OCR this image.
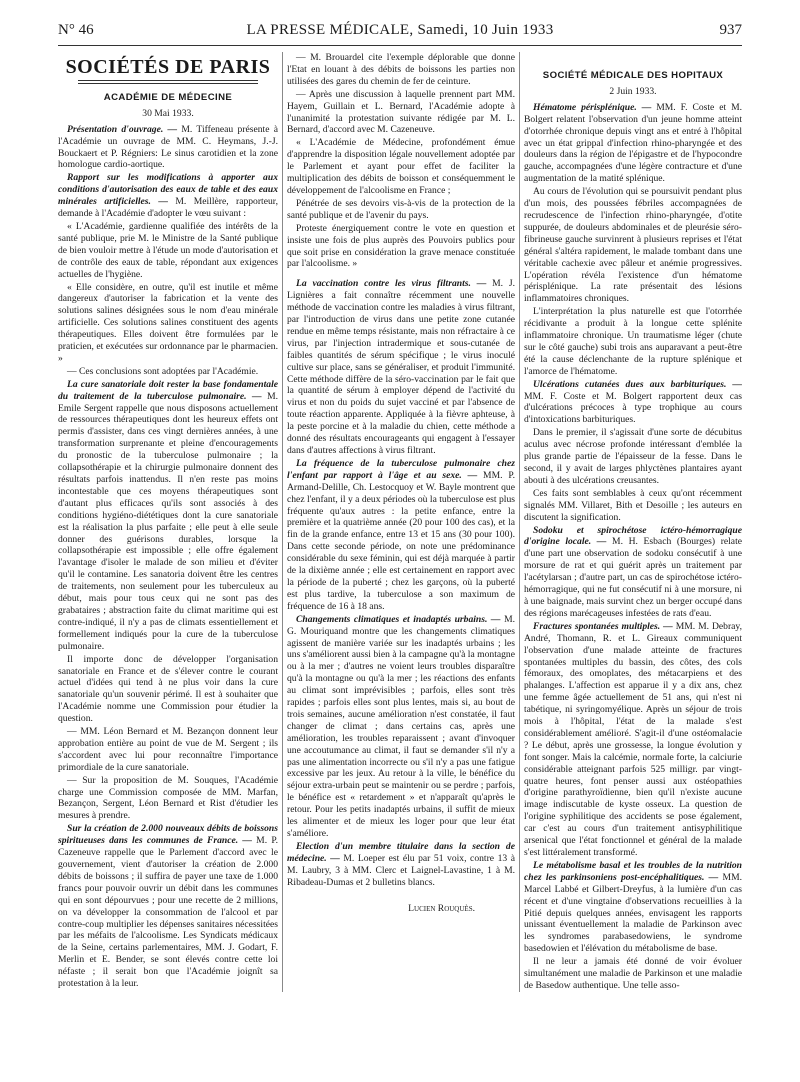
N° 46	LA PRESSE MÉDICALE, Samedi, 10 Juin 1933	937
SOCIÉTÉS DE PARIS
ACADÉMIE DE MÉDECINE
30 Mai 1933.

Présentation d'ouvrage. — M. Tiffeneau présente à l'Académie un ouvrage de MM. C. Heymans, J.-J. Bouckaert et P. Régniers: Le sinus carotidien et la zone homologue cardio-aortique.

Rapport sur les modifications à apporter aux conditions d'autorisation des eaux de table et des eaux minérales artificielles. — M. Meillère, rapporteur, demande à l'Académie d'adopter le vœu suivant :

« L'Académie, gardienne qualifiée des intérêts de la santé publique, prie M. le Ministre de la Santé publique de bien vouloir mettre à l'étude un mode d'autorisation et de contrôle des eaux de table, répondant aux exigences actuelles de l'hygiène.

« Elle considère, en outre, qu'il est inutile et même dangereux d'autoriser la fabrication et la vente des solutions salines désignées sous le nom d'eau minérale artificielle. Ces solutions salines constituent des agents thérapeutiques. Elles doivent être formulées par le praticien, et exécutées sur ordonnance par le pharmacien. »

— Ces conclusions sont adoptées par l'Académie.

La cure sanatoriale doit rester la base fondamentale du traitement de la tuberculose pulmonaire. — M. Emile Sergent rappelle que nous disposons actuellement de ressources thérapeutiques dont les heureux effets ont permis d'assister, dans ces vingt dernières années, à une transformation surprenante et pleine d'encouragements du pronostic de la tuberculose pulmonaire ; la collapsothérapie et la chirurgie pulmonaire donnent des résultats parfois inattendus. Il n'en reste pas moins incontestable que ces moyens thérapeutiques sont d'autant plus efficaces qu'ils sont associés à des conditions hygiéno-diététiques dont la cure sanatoriale est la réalisation la plus parfaite ; elle peut à elle seule donner des guérisons durables, lorsque la collapsothérapie est impossible ; elle offre également l'avantage d'isoler le malade de son milieu et d'éviter qu'il le contamine. Les sanatoria doivent être les centres de traitements, non seulement pour les tuberculeux au début, mais pour tous ceux qui ne sont pas des grabataires ; abstraction faite du climat maritime qui est contre-indiqué, il n'y a pas de climats essentiellement et formellement indiqués pour la cure de la tuberculose pulmonaire.

Il importe donc de développer l'organisation sanatoriale en France et de s'élever contre le courant actuel d'idées qui tend à ne plus voir dans la cure sanatoriale qu'un souvenir périmé. Il est à souhaiter que l'Académie nomme une Commission pour étudier la question.

— MM. Léon Bernard et M. Bezançon donnent leur approbation entière au point de vue de M. Sergent ; ils s'accordent avec lui pour reconnaître l'importance primordiale de la cure sanatoriale.

— Sur la proposition de M. Souques, l'Académie charge une Commission composée de MM. Marfan, Bezançon, Sergent, Léon Bernard et Rist d'étudier les mesures à prendre.

Sur la création de 2.000 nouveaux débits de boissons spiritueuses dans les communes de France. — M. P. Cazeneuve rappelle que le Parlement d'accord avec le gouvernement, vient d'autoriser la création de 2.000 débits de boissons ; il suffira de payer une taxe de 1.000 francs pour pouvoir ouvrir un débit dans les communes qui en sont dépourvues ; pour une recette de 2 millions, on va développer la consommation de l'alcool et par contre-coup multiplier les dépenses sanitaires nécessitées par les méfaits de l'alcoolisme. Les Syndicats médicaux de la Seine, certains parlementaires, MM. J. Godart, F. Merlin et E. Bender, se sont élevés contre cette loi néfaste ; il serait bon que l'Académie joignît sa protestation à la leur.

— M. Brouardel cite l'exemple déplorable que donne l'Etat en louant à des débits de boissons les parties non utilisées des gares du chemin de fer de ceinture.

— Après une discussion à laquelle prennent part MM. Hayem, Guillain et L. Bernard, l'Académie adopte à l'unanimité la protestation suivante rédigée par M. L. Bernard, d'accord avec M. Cazeneuve.

« L'Académie de Médecine, profondément émue d'apprendre la disposition légale nouvellement adoptée par le Parlement et ayant pour effet de faciliter la multiplication des débits de boisson et conséquemment le développement de l'alcoolisme en France ;

Pénétrée de ses devoirs vis-à-vis de la protection de la santé publique et de l'avenir du pays.

Proteste énergiquement contre le vote en question et insiste une fois de plus auprès des Pouvoirs publics pour que soit prise en considération la grave menace constituée par l'alcoolisme. »

La vaccination contre les virus filtrants. — M. J. Lignières a fait connaître récemment une nouvelle méthode de vaccination contre les maladies à virus filtrant, par l'introduction de virus dans une petite zone cutanée rendue en même temps résistante, mais non réfractaire à ce virus, par l'injection intradermique et sous-cutanée de faibles quantités de sérum spécifique ; le virus inoculé cultive sur place, sans se généraliser, et produit l'immunité. Cette méthode diffère de la séro-vaccination par le fait que la quantité de sérum à employer dépend de l'activité du virus et non du poids du sujet vacciné et par l'absence de toute réaction apparente. Appliquée à la fièvre aphteuse, à la peste porcine et à la maladie du chien, cette méthode a donné des résultats encourageants qui engagent à l'essayer dans d'autres affections à virus filtrant.

La fréquence de la tuberculose pulmonaire chez l'enfant par rapport à l'âge et au sexe. — MM. P. Armand-Delille, Ch. Lestocquoy et W. Bayle montrent que chez l'enfant, il y a deux périodes où la tuberculose est plus fréquente qu'aux autres : la petite enfance, entre la première et la quatrième année (20 pour 100 des cas), et la fin de la grande enfance, entre 13 et 15 ans (30 pour 100). Dans cette seconde période, on note une prédominance considérable du sexe féminin, qui est déjà marquée à partir de la dixième année ; elle est certainement en rapport avec la période de la puberté ; chez les garçons, où la puberté est plus tardive, la tuberculose a son maximum de fréquence de 16 à 18 ans.

Changements climatiques et inadaptés urbains. — M. G. Mouriquand montre que les changements climatiques agissent de manière variée sur les inadaptés urbains ; les uns s'améliorent aussi bien à la campagne qu'à la montagne ou à la mer ; d'autres ne voient leurs troubles disparaître qu'à la montagne ou qu'à la mer ; les réactions des enfants au climat sont imprévisibles ; parfois, elles sont très rapides ; parfois elles sont plus lentes, mais si, au bout de trois semaines, aucune amélioration n'est constatée, il faut changer de climat ; dans certains cas, après une amélioration, les troubles reparaissent ; avant d'invoquer une accoutumance au climat, il faut se demander s'il n'y a pas une alimentation incorrecte ou s'il n'y a pas une fatigue excessive par les jeux. Au retour à la ville, le bénéfice du séjour extra-urbain peut se maintenir ou se perdre ; parfois, le bénéfice est « retardement » et n'apparaît qu'après le retour. Pour les petits inadaptés urbains, il suffit de mieux les alimenter et de mieux les loger pour que leur état s'améliore.

Election d'un membre titulaire dans la section de médecine. — M. Loeper est élu par 51 voix, contre 13 à M. Laubry, 3 à MM. Clerc et Laignel-Lavastine, 1 à M. Ribadeau-Dumas et 2 bulletins blancs.

Lucien Rouquès.
SOCIÉTÉ MÉDICALE DES HOPITAUX
2 Juin 1933.

Hématome périsplénique. — MM. F. Coste et M. Bolgert relatent l'observation d'un jeune homme atteint d'otorrhée chronique depuis vingt ans et entré à l'hôpital avec un état grippal d'infection rhino-pharyngée et des douleurs dans la région de l'épigastre et de l'hypocondre gauche, accompagnées d'une légère contracture et d'une augmentation de la matité splénique.

Au cours de l'évolution qui se poursuivit pendant plus d'un mois, des poussées fébriles accompagnées de recrudescence de l'infection rhino-pharyngée, d'otite suppurée, de douleurs abdominales et de pleurésie séro-fibrineuse gauche survinrent à plusieurs reprises et l'état général s'altéra rapidement, le malade tombant dans une véritable cachexie avec pâleur et anémie progressives. L'opération révéla l'existence d'un hématome périsplénique. La rate présentait des lésions inflammatoires chroniques.

L'interprétation la plus naturelle est que l'otorrhée récidivante a produit à la longue cette splénite inflammatoire chronique. Un traumatisme léger (chute sur le côté gauche) subi trois ans auparavant a peut-être été la cause déclenchante de la rupture splénique et l'amorce de l'hématome.

Ulcérations cutanées dues aux barbituriques. — MM. F. Coste et M. Bolgert rapportent deux cas d'ulcérations précoces à type trophique au cours d'intoxications barbituriques.

Dans le premier, il s'agissait d'une sorte de décubitus aculus avec nécrose profonde intéressant d'emblée la plus grande partie de l'épaisseur de la fesse. Dans le second, il y avait de larges phlyctènes plantaires ayant abouti à des ulcérations creusantes.

Ces faits sont semblables à ceux qu'ont récemment signalés MM. Villaret, Bith et Desoille ; les auteurs en discutent la signification.

Sodoku et spirochétose ictéro-hémorragique d'origine locale. — M. H. Esbach (Bourges) relate d'une part une observation de sodoku consécutif à une morsure de rat et qui guérit après un traitement par l'acétylarsan ; d'autre part, un cas de spirochétose ictéro-hémorragique, qui ne fut consécutif ni à une morsure, ni à une baignade, mais survint chez un berger occupé dans des régions marécageuses infestées de rats d'eau.

Fractures spontanées multiples. — MM. M. Debray, André, Thomann, R. et L. Gireaux communiquent l'observation d'une malade atteinte de fractures spontanées multiples du bassin, des côtes, des cols fémoraux, des omoplates, des métacarpiens et des phalanges. L'affection est apparue il y a dix ans, chez une femme âgée actuellement de 51 ans, qui n'est ni tabétique, ni syringomyélique. Après un séjour de trois mois à l'hôpital, l'état de la malade s'est considérablement amélioré. S'agit-il d'une ostéomalacie ? Le début, après une grossesse, la longue évolution y font songer. Mais la calcémie, normale forte, la calciurie considérable atteignant parfois 525 milligr. par vingt-quatre heures, font penser aussi aux ostéopathies d'origine parathyroïdienne, bien qu'il n'existe aucune image indiscutable de kyste osseux. La question de l'origine syphilitique des accidents se pose également, car c'est au cours d'un traitement antisyphilitique arsenical que l'état fonctionnel et général de la malade s'est littéralement transformé.

Le métabolisme basal et les troubles de la nutrition chez les parkinsoniens post-encéphalitiques. — MM. Marcel Labbé et Gilbert-Dreyfus, à la lumière d'un cas récent et d'une vingtaine d'observations recueillies à la Pitié depuis quelques années, envisagent les rapports unissant éventuellement la maladie de Parkinson avec les syndromes parabasedowiens, le syndrome basedowien et l'élévation du métabolisme de base.

Il ne leur a jamais été donné de voir évoluer simultanément une maladie de Parkinson et une maladie de Basedow authentique. Une telle asso-
